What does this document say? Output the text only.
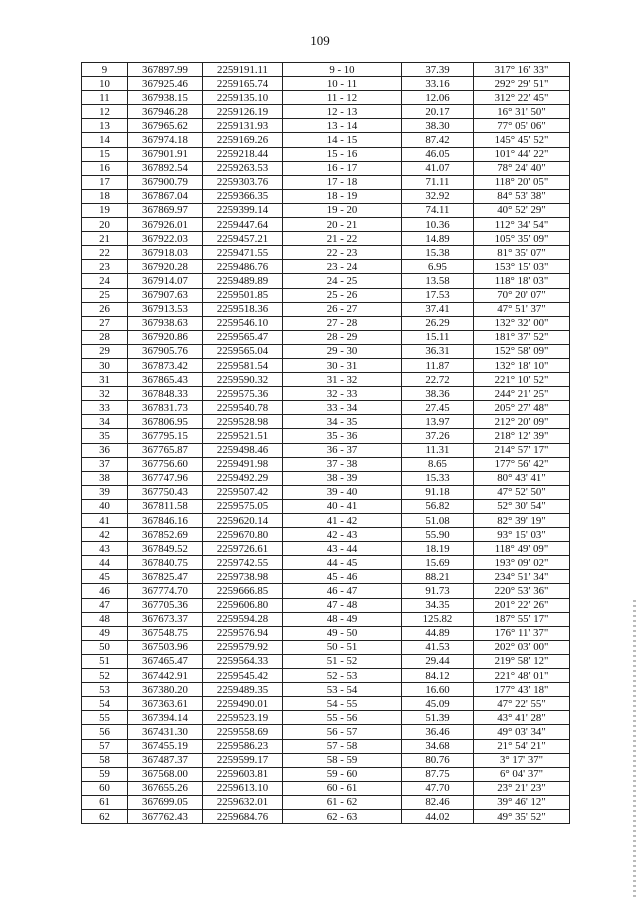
109
9	367897.99	2259191.11	9 - 10	37.39	317° 16' 33"
10	367925.46	2259165.74	10 - 11	33.16	292° 29' 51"
11	367938.15	2259135.10	11 - 12	12.06	312° 22' 45"
12	367946.28	2259126.19	12 - 13	20.17	16° 31' 50"
13	367965.62	2259131.93	13 - 14	38.30	77° 05' 06"
14	367974.18	2259169.26	14 - 15	87.42	145° 45' 52"
15	367901.91	2259218.44	15 - 16	46.05	101° 44' 22"
16	367892.54	2259263.53	16 - 17	41.07	78° 24' 40"
17	367900.79	2259303.76	17 - 18	71.11	118° 20' 05"
18	367867.04	2259366.35	18 - 19	32.92	84° 53' 38"
19	367869.97	2259399.14	19 - 20	74.11	40° 52' 29"
20	367926.01	2259447.64	20 - 21	10.36	112° 34' 54"
21	367922.03	2259457.21	21 - 22	14.89	105° 35' 09"
22	367918.03	2259471.55	22 - 23	15.38	81° 35' 07"
23	367920.28	2259486.76	23 - 24	6.95	153° 15' 03"
24	367914.07	2259489.89	24 - 25	13.58	118° 18' 03"
25	367907.63	2259501.85	25 - 26	17.53	70° 20' 07"
26	367913.53	2259518.36	26 - 27	37.41	47° 51' 37"
27	367938.63	2259546.10	27 - 28	26.29	132° 32' 00"
28	367920.86	2259565.47	28 - 29	15.11	181° 37' 52"
29	367905.76	2259565.04	29 - 30	36.31	152° 58' 09"
30	367873.42	2259581.54	30 - 31	11.87	132° 18' 10"
31	367865.43	2259590.32	31 - 32	22.72	221° 10' 52"
32	367848.33	2259575.36	32 - 33	38.36	244° 21' 25"
33	367831.73	2259540.78	33 - 34	27.45	205° 27' 48"
34	367806.95	2259528.98	34 - 35	13.97	212° 20' 09"
35	367795.15	2259521.51	35 - 36	37.26	218° 12' 39"
36	367765.87	2259498.46	36 - 37	11.31	214° 57' 17"
37	367756.60	2259491.98	37 - 38	8.65	177° 56' 42"
38	367747.96	2259492.29	38 - 39	15.33	80° 43' 41"
39	367750.43	2259507.42	39 - 40	91.18	47° 52' 50"
40	367811.58	2259575.05	40 - 41	56.82	52° 30' 54"
41	367846.16	2259620.14	41 - 42	51.08	82° 39' 19"
42	367852.69	2259670.80	42 - 43	55.90	93° 15' 03"
43	367849.52	2259726.61	43 - 44	18.19	118° 49' 09"
44	367840.75	2259742.55	44 - 45	15.69	193° 09' 02"
45	367825.47	2259738.98	45 - 46	88.21	234° 51' 34"
46	367774.70	2259666.85	46 - 47	91.73	220° 53' 36"
47	367705.36	2259606.80	47 - 48	34.35	201° 22' 26"
48	367673.37	2259594.28	48 - 49	125.82	187° 55' 17"
49	367548.75	2259576.94	49 - 50	44.89	176° 11' 37"
50	367503.96	2259579.92	50 - 51	41.53	202° 03' 00"
51	367465.47	2259564.33	51 - 52	29.44	219° 58' 12"
52	367442.91	2259545.42	52 - 53	84.12	221° 48' 01"
53	367380.20	2259489.35	53 - 54	16.60	177° 43' 18"
54	367363.61	2259490.01	54 - 55	45.09	47° 22' 55"
55	367394.14	2259523.19	55 - 56	51.39	43° 41' 28"
56	367431.30	2259558.69	56 - 57	36.46	49° 03' 34"
57	367455.19	2259586.23	57 - 58	34.68	21° 54' 21"
58	367487.37	2259599.17	58 - 59	80.76	3° 17' 37"
59	367568.00	2259603.81	59 - 60	87.75	6° 04' 37"
60	367655.26	2259613.10	60 - 61	47.70	23° 21' 23"
61	367699.05	2259632.01	61 - 62	82.46	39° 46' 12"
62	367762.43	2259684.76	62 - 63	44.02	49° 35' 52"
